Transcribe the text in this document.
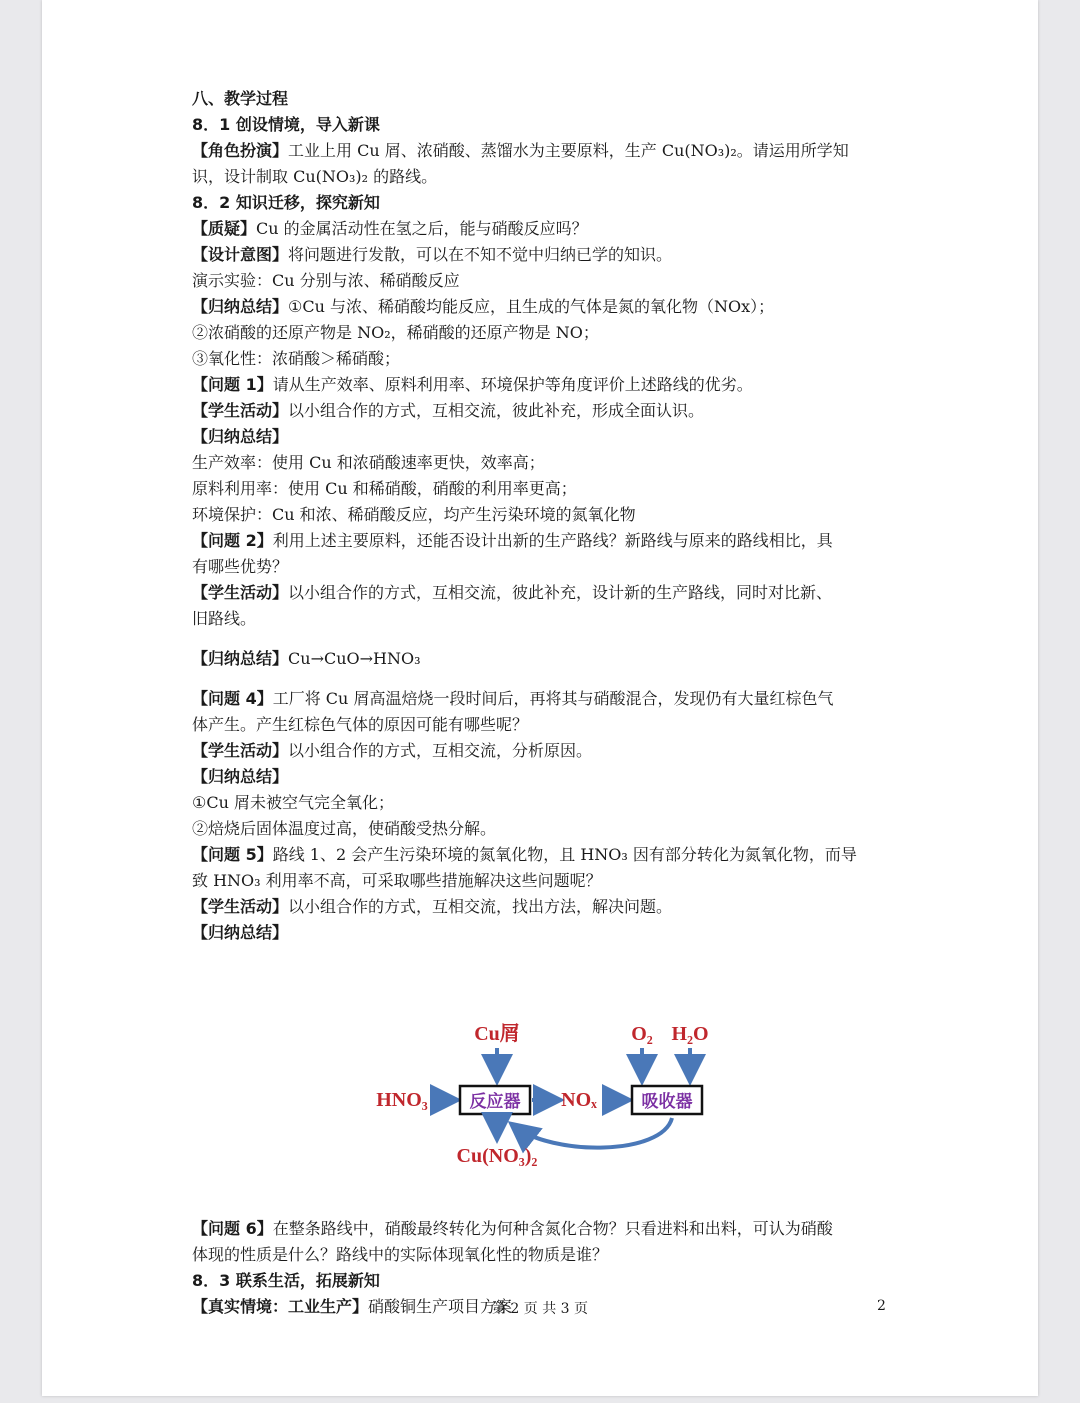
八、教学过程
8．1 创设情境，导入新课
【角色扮演】工业上用 Cu 屑、浓硝酸、蒸馏水为主要原料，生产 Cu(NO₃)₂。请运用所学知
识，设计制取 Cu(NO₃)₂ 的路线。
8．2 知识迁移，探究新知
【质疑】Cu 的金属活动性在氢之后，能与硝酸反应吗？
【设计意图】将问题进行发散，可以在不知不觉中归纳已学的知识。
演示实验：Cu 分别与浓、稀硝酸反应
【归纳总结】①Cu 与浓、稀硝酸均能反应，且生成的气体是氮的氧化物（NOx）；
②浓硝酸的还原产物是 NO₂，稀硝酸的还原产物是 NO；
③氧化性：浓硝酸＞稀硝酸；
【问题 1】请从生产效率、原料利用率、环境保护等角度评价上述路线的优劣。
【学生活动】以小组合作的方式，互相交流，彼此补充，形成全面认识。
【归纳总结】
生产效率：使用 Cu 和浓硝酸速率更快，效率高；
原料利用率：使用 Cu 和稀硝酸，硝酸的利用率更高；
环境保护：Cu 和浓、稀硝酸反应，均产生污染环境的氮氧化物
【问题 2】利用上述主要原料，还能否设计出新的生产路线？新路线与原来的路线相比，具
有哪些优势？
【学生活动】以小组合作的方式，互相交流，彼此补充，设计新的生产路线，同时对比新、
旧路线。
【归纳总结】Cu→CuO→HNO₃
【问题 4】工厂将 Cu 屑高温焙烧一段时间后，再将其与硝酸混合，发现仍有大量红棕色气
体产生。产生红棕色气体的原因可能有哪些呢？
【学生活动】以小组合作的方式，互相交流，分析原因。
【归纳总结】
①Cu 屑未被空气完全氧化；
②焙烧后固体温度过高，使硝酸受热分解。
【问题 5】路线 1、2 会产生污染环境的氮氧化物，且 HNO₃ 因有部分转化为氮氧化物，而导
致 HNO₃ 利用率不高，可采取哪些措施解决这些问题呢？
【学生活动】以小组合作的方式，互相交流，找出方法，解决问题。
【归纳总结】
Cu屑	O₂ H₂O
HNO₃ 反应器 NOₓ	吸收器
Cu(NO₃)₂
【问题 6】在整条路线中，硝酸最终转化为何种含氮化合物？只看进料和出料，可认为硝酸
体现的性质是什么？路线中的实际体现氧化性的物质是谁？
8．3 联系生活，拓展新知
【真实情境：工业生产】硝酸铜生产项目方案
第 2 页 共 3 页	2
